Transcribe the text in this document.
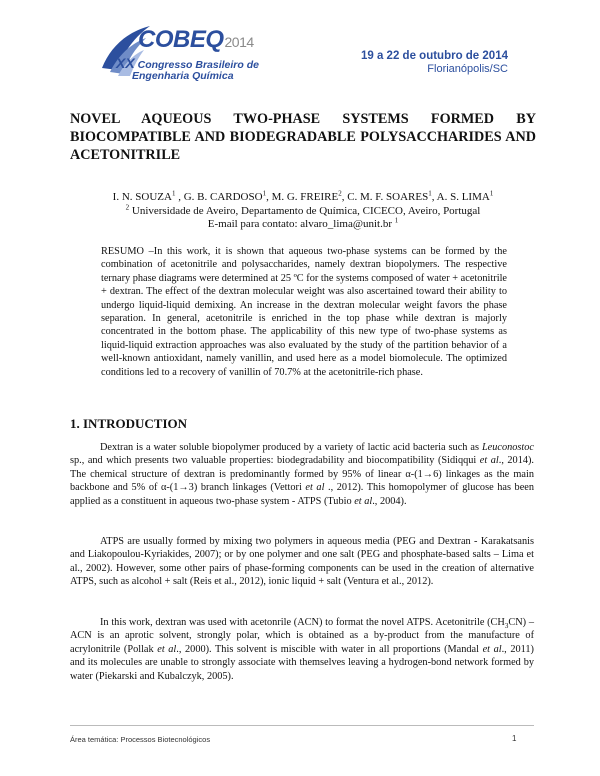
COBEQ2014
XX Congresso Brasileiro de
Engenharia Química
19 a 22 de outubro de 2014
Florianópolis/SC
NOVEL AQUEOUS TWO-PHASE SYSTEMS FORMED BY BIOCOMPATIBLE AND BIODEGRADABLE POLYSACCHARIDES AND ACETONITRILE
I. N. SOUZA$^1$ , G. B. CARDOSO$^1$, M. G. FREIRE$^2$, C. M. F. SOARES$^1$, A. S. LIMA$^1$
$^2$ Universidade de Aveiro, Departamento de Química, CICECO, Aveiro, Portugal
E-mail para contato: alvaro_lima@unit.br $^1$
RESUMO –In this work, it is shown that aqueous two-phase systems can be formed by the combination of acetonitrile and polysaccharides, namely dextran biopolymers. The respective ternary phase diagrams were determined at 25 ºC for the systems composed of water + acetonitrile + dextran. The effect of the dextran molecular weight was also ascertained toward their ability to undergo liquid-liquid demixing. An increase in the dextran molecular weight favors the phase separation. In general, acetonitrile is enriched in the top phase while dextran is majorly concentrated in the bottom phase. The applicability of this new type of two-phase systems as liquid-liquid extraction approaches was also evaluated by the study of the partition behavior of a well-known antioxidant, namely vanillin, and used here as a model biomolecule. The optimized conditions led to a recovery of vanillin of 70.7% at the acetonitrile-rich phase.
1. INTRODUCTION

Dextran is a water soluble biopolymer produced by a variety of lactic acid bacteria such as Leuconostoc sp., and which presents two valuable properties: biodegradability and biocompatibility (Sidiqqui et al., 2014). The chemical structure of dextran is predominantly formed by 95% of linear α-(1→6) linkages as the main backbone and 5% of α-(1→3) branch linkages (Vettori et al ., 2012). This homopolymer of glucose has been applied as a constituent in aqueous two-phase system - ATPS (Tubio et al., 2004).

ATPS are usually formed by mixing two polymers in aqueous media (PEG and Dextran - Karakatsanis and Liakopoulou-Kyriakides, 2007); or by one polymer and one salt (PEG and phosphate-based salts – Lima et al., 2002). However, some other pairs of phase-forming components can be used in the creation of alternative ATPS, such as alcohol + salt (Reis et al., 2012), ionic liquid + salt (Ventura et al., 2012).

In this work, dextran was used with acetonrile (ACN) to format the novel ATPS. Acetonitrile $(CH_3CN)$ – ACN is an aprotic solvent, strongly polar, which is obtained as a by-product from the manufacture of acrylonitrile (Pollak et al., 2000). This solvent is miscible with water in all proportions (Mandal et al., 2011) and its molecules are unable to strongly associate with themselves leaving a hydrogen-bond network formed by water (Piekarski and Kubalczyk, 2005).

Área temática: Processos Biotecnológicos	1
